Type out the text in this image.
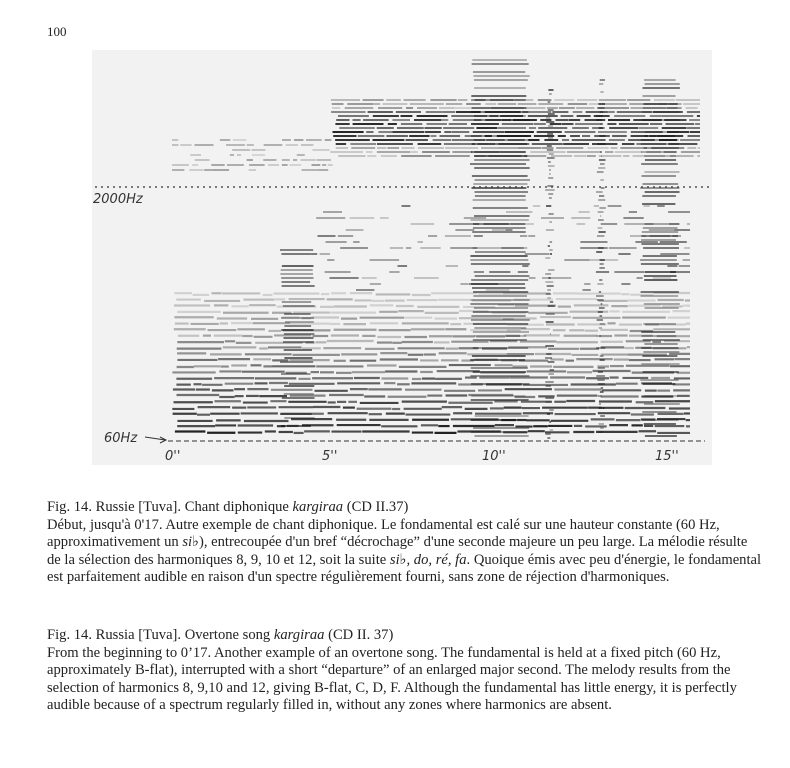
100
2000Hz
60Hz
0''	5''	10''	15''

Fig. 14. Russie [Tuva]. Chant diphonique kargiraa (CD II.37)

Début, jusqu'à 0'17. Autre exemple de chant diphonique. Le fondamental est calé sur une hauteur constante (60 Hz, approximativement un si♭), entrecoupée d'un bref “décrochage” d'une seconde majeure un peu large. La mélodie résulte de la sélection des harmoniques 8, 9, 10 et 12, soit la suite si♭, do, ré, fa. Quoique émis avec peu d'énergie, le fondamental est parfaitement audible en raison d'un spectre régulièrement fourni, sans zone de réjection d'harmoniques.

Fig. 14. Russia [Tuva]. Overtone song kargiraa (CD II. 37)

From the beginning to 0’17. Another example of an overtone song. The fundamental is held at a fixed pitch (60 Hz, approximately B-flat), interrupted with a short “departure” of an enlarged major second. The melody results from the selection of harmonics 8, 9,10 and 12, giving B-flat, C, D, F. Although the fundamental has little energy, it is perfectly audible because of a spectrum regularly filled in, without any zones where harmonics are absent.
